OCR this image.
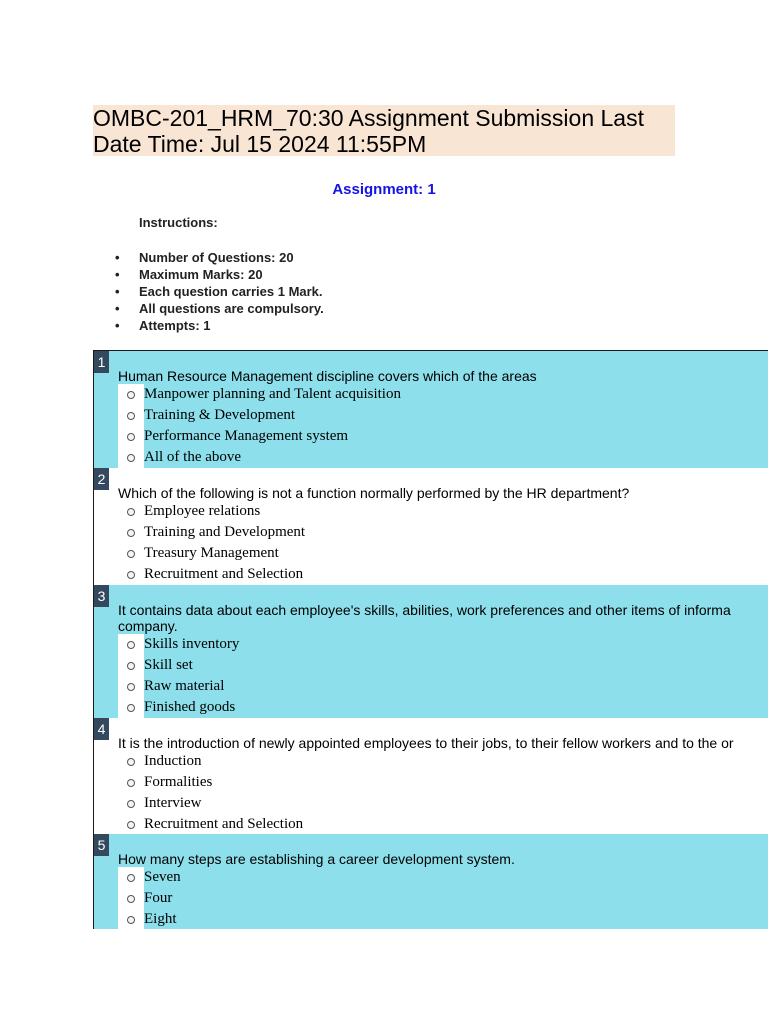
OMBC-201_HRM_70:30 Assignment Submission Last
Date Time: Jul 15 2024 11:55PM
Assignment: 1
Instructions:
• Number of Questions: 20
• Maximum Marks: 20
• Each question carries 1 Mark.
• All questions are compulsory.
• Attempts: 1
1
Human Resource Management discipline covers which of the areas
Manpower planning and Talent acquisition
Training & Development
Performance Management system
All of the above
2
Which of the following is not a function normally performed by the HR department?
Employee relations
Training and Development
Treasury Management
Recruitment and Selection
3
It contains data about each employee's skills, abilities, work preferences and other items of informa
company.
Skills inventory
Skill set
Raw material
Finished goods
4
It is the introduction of newly appointed employees to their jobs, to their fellow workers and to the or
Induction
Formalities
Interview
Recruitment and Selection
5
How many steps are establishing a career development system.
Seven
Four
Eight
